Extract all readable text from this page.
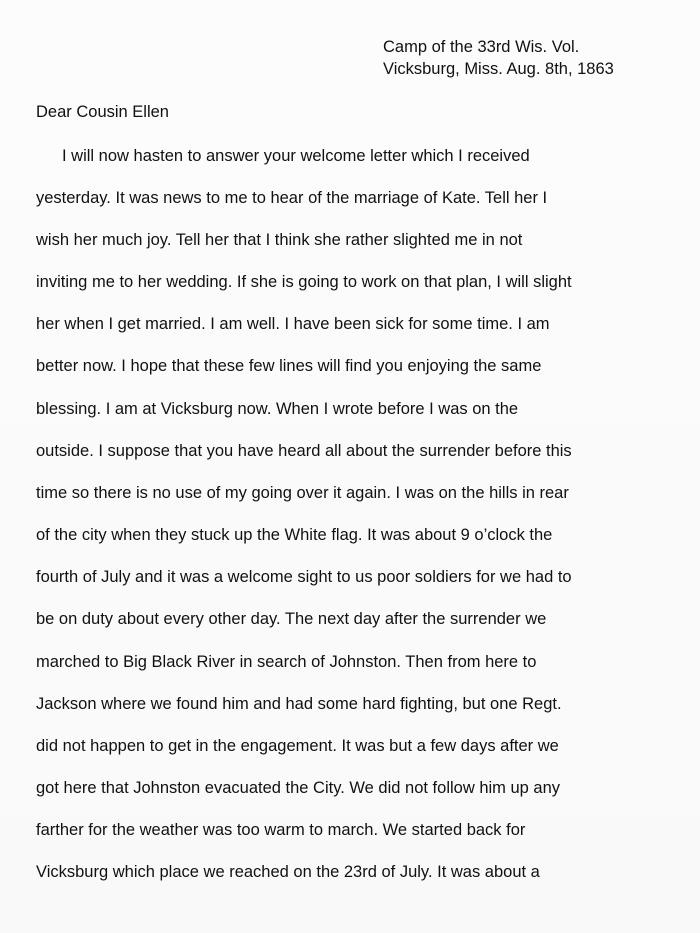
Camp of the 33rd Wis. Vol.
Vicksburg, Miss. Aug. 8th, 1863
Dear Cousin Ellen
I will now hasten to answer your welcome letter which I received
yesterday. It was news to me to hear of the marriage of Kate. Tell her I
wish her much joy. Tell her that I think she rather slighted me in not
inviting me to her wedding. If she is going to work on that plan, I will slight
her when I get married. I am well. I have been sick for some time. I am
better now. I hope that these few lines will find you enjoying the same
blessing. I am at Vicksburg now. When I wrote before I was on the
outside. I suppose that you have heard all about the surrender before this
time so there is no use of my going over it again. I was on the hills in rear
of the city when they stuck up the White flag. It was about 9 o’clock the
fourth of July and it was a welcome sight to us poor soldiers for we had to
be on duty about every other day. The next day after the surrender we
marched to Big Black River in search of Johnston. Then from here to
Jackson where we found him and had some hard fighting, but one Regt.
did not happen to get in the engagement. It was but a few days after we
got here that Johnston evacuated the City. We did not follow him up any
farther for the weather was too warm to march. We started back for
Vicksburg which place we reached on the 23rd of July. It was about a
